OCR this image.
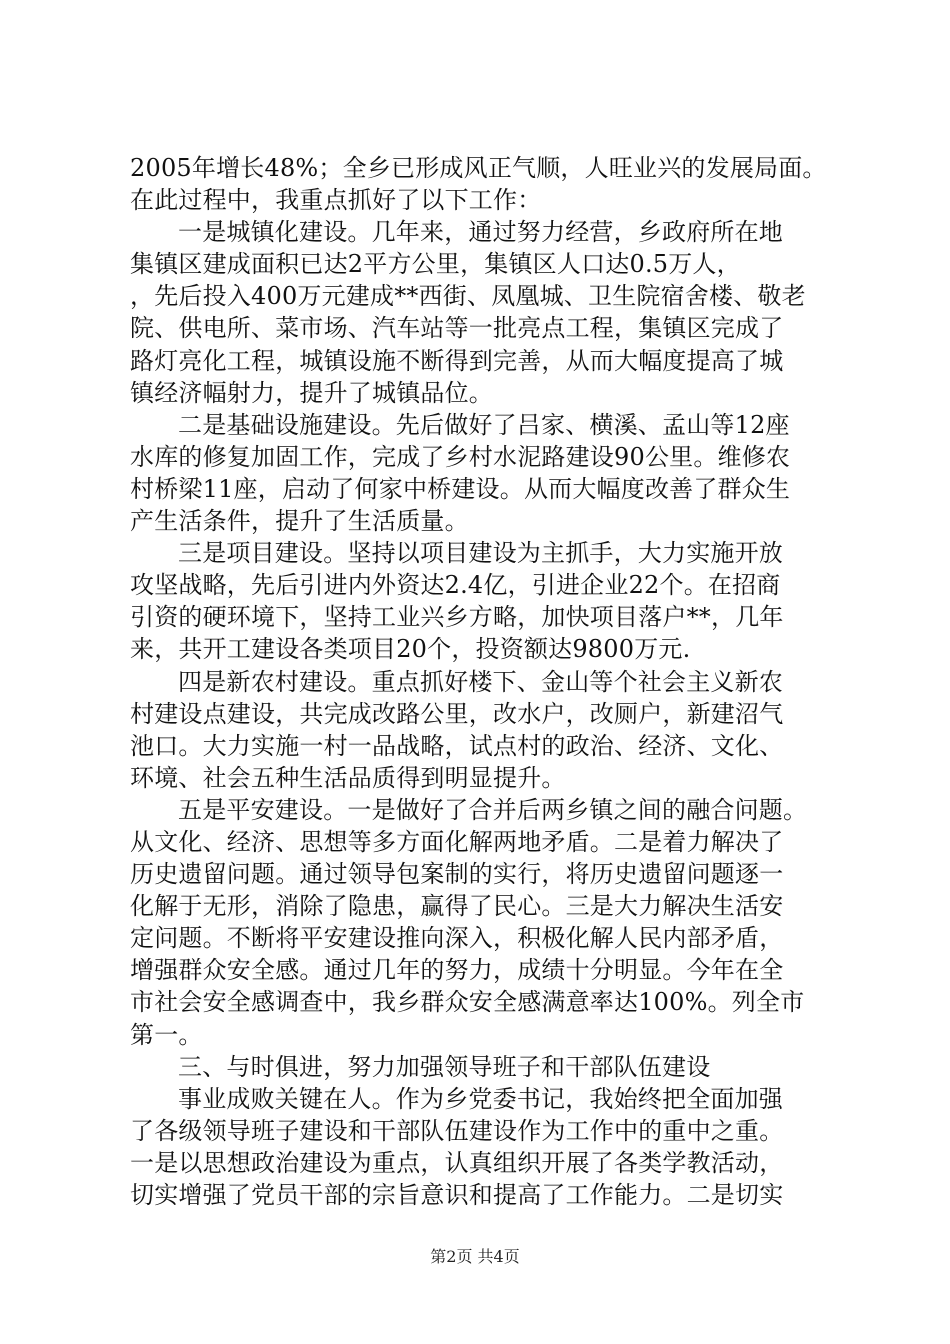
2005年增长48%；全乡已形成风正气顺，人旺业兴的发展局面。
在此过程中，我重点抓好了以下工作：
一是城镇化建设。几年来，通过努力经营，乡政府所在地
集镇区建成面积已达2平方公里，集镇区人口达0.5万人，
，先后投入400万元建成**西街、凤凰城、卫生院宿舍楼、敬老
院、供电所、菜市场、汽车站等一批亮点工程，集镇区完成了
路灯亮化工程，城镇设施不断得到完善，从而大幅度提高了城
镇经济幅射力，提升了城镇品位。
二是基础设施建设。先后做好了吕家、横溪、孟山等12座
水库的修复加固工作，完成了乡村水泥路建设90公里。维修农
村桥梁11座，启动了何家中桥建设。从而大幅度改善了群众生
产生活条件，提升了生活质量。
三是项目建设。坚持以项目建设为主抓手，大力实施开放
攻坚战略，先后引进内外资达2.4亿，引进企业22个。在招商
引资的硬环境下，坚持工业兴乡方略，加快项目落户**，几年
来，共开工建设各类项目20个，投资额达9800万元.
四是新农村建设。重点抓好楼下、金山等个社会主义新农
村建设点建设，共完成改路公里，改水户，改厕户，新建沼气
池口。大力实施一村一品战略，试点村的政治、经济、文化、
环境、社会五种生活品质得到明显提升。
五是平安建设。一是做好了合并后两乡镇之间的融合问题。
从文化、经济、思想等多方面化解两地矛盾。二是着力解决了
历史遗留问题。通过领导包案制的实行，将历史遗留问题逐一
化解于无形，消除了隐患，赢得了民心。三是大力解决生活安
定问题。不断将平安建设推向深入，积极化解人民内部矛盾，
增强群众安全感。通过几年的努力，成绩十分明显。今年在全
市社会安全感调查中，我乡群众安全感满意率达100%。列全市
第一。
三、与时俱进，努力加强领导班子和干部队伍建设
事业成败关键在人。作为乡党委书记，我始终把全面加强
了各级领导班子建设和干部队伍建设作为工作中的重中之重。
一是以思想政治建设为重点，认真组织开展了各类学教活动，
切实增强了党员干部的宗旨意识和提高了工作能力。二是切实
第2页 共4页
